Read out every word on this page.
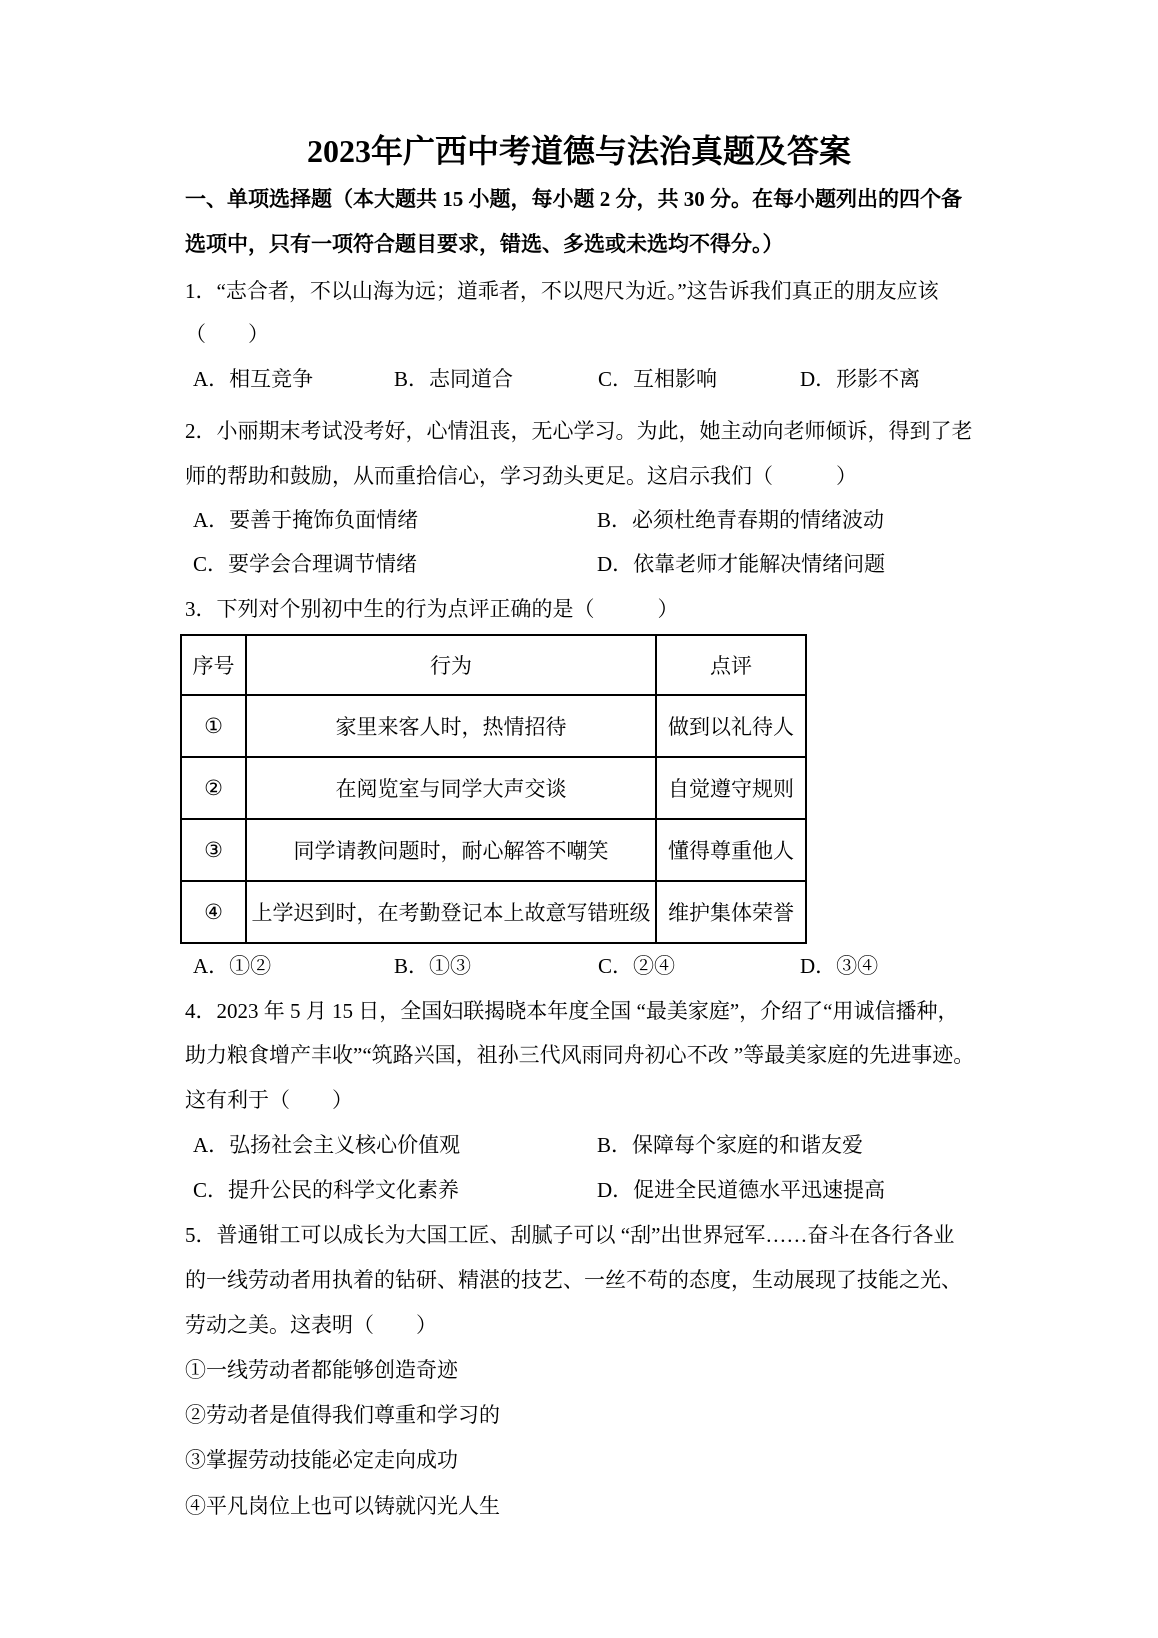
2023年广西中考道德与法治真题及答案
一、单项选择题（本大题共 15 小题，每小题 2 分，共 30 分。在每小题列出的四个备
选项中，只有一项符合题目要求，错选、多选或未选均不得分。）
1．“志合者，不以山海为远；道乖者，不以咫尺为近。”这告诉我们真正的朋友应该
（　　）
A．相互竞争	B．志同道合	C．互相影响	D．形影不离
2．小丽期末考试没考好，心情沮丧，无心学习。为此，她主动向老师倾诉，得到了老
师的帮助和鼓励，从而重拾信心，学习劲头更足。这启示我们（　　　）
A．要善于掩饰负面情绪	B．必须杜绝青春期的情绪波动
C．要学会合理调节情绪	D．依靠老师才能解决情绪问题
3．下列对个别初中生的行为点评正确的是（　　　）
序号	行为	点评
①	家里来客人时，热情招待	做到以礼待人
②	在阅览室与同学大声交谈	自觉遵守规则
③	同学请教问题时，耐心解答不嘲笑	懂得尊重他人
④	上学迟到时，在考勤登记本上故意写错班级	维护集体荣誉
A．①②	B．①③	C．②④	D．③④
4．2023 年 5 月 15 日，全国妇联揭晓本年度全国 “最美家庭”，介绍了“用诚信播种，
助力粮食增产丰收”“筑路兴国，祖孙三代风雨同舟初心不改 ”等最美家庭的先进事迹。
这有利于（　　）
A．弘扬社会主义核心价值观	B．保障每个家庭的和谐友爱
C．提升公民的科学文化素养	D．促进全民道德水平迅速提高
5．普通钳工可以成长为大国工匠、刮腻子可以 “刮”出世界冠军……奋斗在各行各业
的一线劳动者用执着的钻研、精湛的技艺、一丝不苟的态度，生动展现了技能之光、
劳动之美。这表明（　　）
①一线劳动者都能够创造奇迹
②劳动者是值得我们尊重和学习的
③掌握劳动技能必定走向成功
④平凡岗位上也可以铸就闪光人生
